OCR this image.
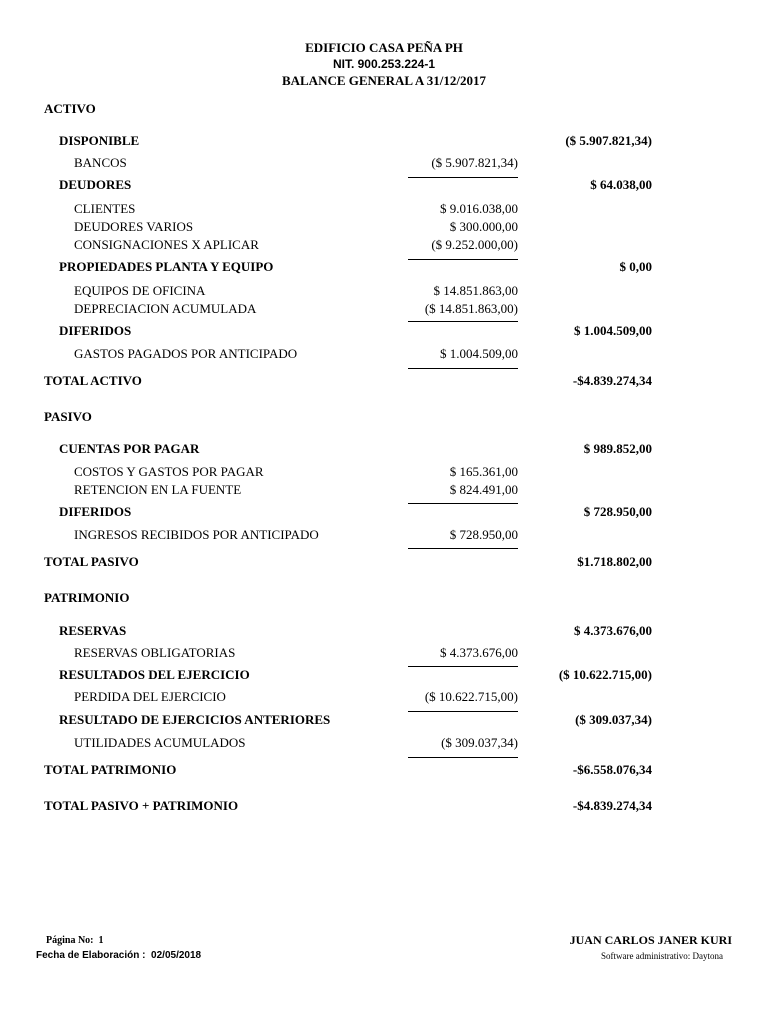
EDIFICIO CASA PEÑA PH
NIT. 900.253.224-1
BALANCE GENERAL A 31/12/2017
ACTIVO
DISPONIBLE	($ 5.907.821,34)
BANCOS	($ 5.907.821,34)
DEUDORES	$ 64.038,00
CLIENTES	$ 9.016.038,00
DEUDORES VARIOS	$ 300.000,00
CONSIGNACIONES X APLICAR	($ 9.252.000,00)
PROPIEDADES PLANTA Y EQUIPO	$ 0,00
EQUIPOS DE OFICINA	$ 14.851.863,00
DEPRECIACION ACUMULADA	($ 14.851.863,00)
DIFERIDOS	$ 1.004.509,00
GASTOS PAGADOS POR ANTICIPADO	$ 1.004.509,00
TOTAL ACTIVO	-$4.839.274,34
PASIVO
CUENTAS POR PAGAR	$ 989.852,00
COSTOS Y GASTOS POR PAGAR	$ 165.361,00
RETENCION EN LA FUENTE	$ 824.491,00
DIFERIDOS	$ 728.950,00
INGRESOS RECIBIDOS POR ANTICIPADO	$ 728.950,00
TOTAL PASIVO	$1.718.802,00
PATRIMONIO
RESERVAS	$ 4.373.676,00
RESERVAS OBLIGATORIAS	$ 4.373.676,00
RESULTADOS DEL EJERCICIO	($ 10.622.715,00)
PERDIDA DEL EJERCICIO	($ 10.622.715,00)
RESULTADO DE EJERCICIOS ANTERIORES	($ 309.037,34)
UTILIDADES ACUMULADOS	($ 309.037,34)
TOTAL PATRIMONIO	-$6.558.076,34
TOTAL PASIVO + PATRIMONIO	-$4.839.274,34
Página No: 1
Fecha de Elaboración : 02/05/2018
JUAN CARLOS JANER KURI
Software administrativo: Daytona
